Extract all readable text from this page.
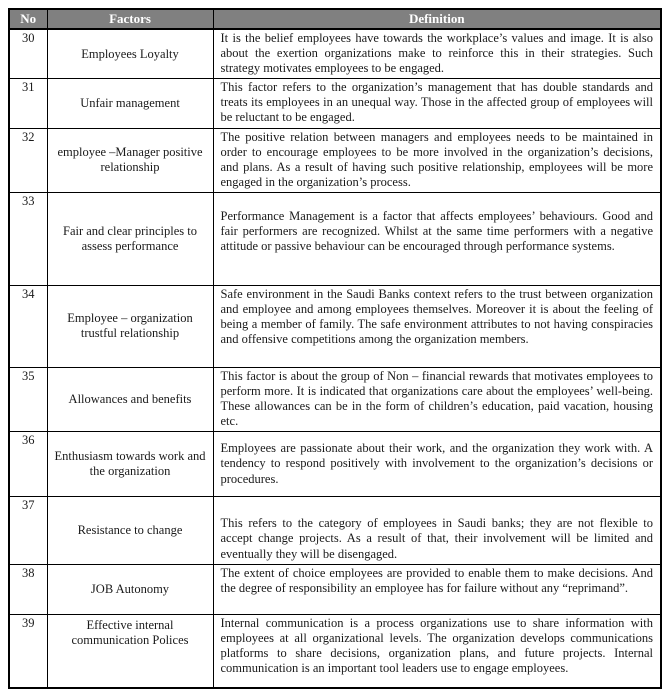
No	Factors	Definition
30	Employees Loyalty	It is the belief employees have towards the workplace’s values and image. It is also about the exertion organizations make to reinforce this in their strategies. Such strategy motivates employees to be engaged.
31	Unfair management	This factor refers to the organization’s management that has double standards and treats its employees in an unequal way. Those in the affected group of employees will be reluctant to be engaged.
32	employee –Manager positive relationship	The positive relation between managers and employees needs to be maintained in order to encourage employees to be more involved in the organization’s decisions, and plans. As a result of having such positive relationship, employees will be more engaged in the organization’s process.
33	Fair and clear principles to assess performance	Performance Management is a factor that affects employees’ behaviours. Good and fair performers are recognized. Whilst at the same time performers with a negative attitude or passive behaviour can be encouraged through performance systems.
34	Employee – organization trustful relationship	Safe environment in the Saudi Banks context refers to the trust between organization and employee and among employees themselves. Moreover it is about the feeling of being a member of family. The safe environment attributes to not having conspiracies and offensive competitions among the organization members.
35	Allowances and benefits	This factor is about the group of Non – financial rewards that motivates employees to perform more. It is indicated that organizations care about the employees’ well-being. These allowances can be in the form of children’s education, paid vacation, housing etc.
36	Enthusiasm towards work and the organization	Employees are passionate about their work, and the organization they work with. A tendency to respond positively with involvement to the organization’s decisions or procedures.
37	Resistance to change	This refers to the category of employees in Saudi banks; they are not flexible to accept change projects. As a result of that, their involvement will be limited and eventually they will be disengaged.
38	JOB Autonomy	The extent of choice employees are provided to enable them to make decisions. And the degree of responsibility an employee has for failure without any “reprimand”.
39	Effective internal communication Polices	Internal communication is a process organizations use to share information with employees at all organizational levels. The organization develops communications platforms to share decisions, organization plans, and future projects. Internal communication is an important tool leaders use to engage employees.
